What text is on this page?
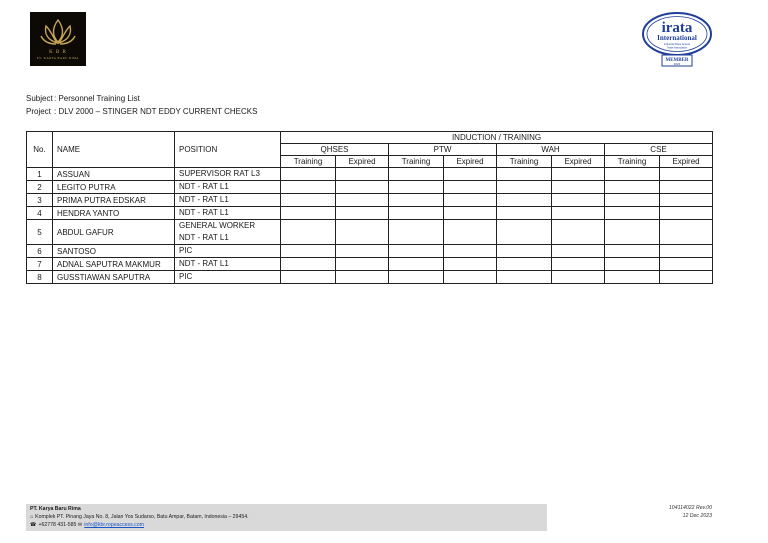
K B R
PT. KARYA BARU RIMA
irata
International
Industrial Rope Access
Trade Association
MEMBER
2023
Subject: Personnel Training List
Project : DLV 2000 – STINGER NDT EDDY CURRENT CHECKS
No.	NAME	POSITION	INDUCTION / TRAINING							
			QHSES		PTW		WAH		CSE	
			Training	Expired	Training	Expired	Training	Expired	Training	Expired
1	ASSUAN	SUPERVISOR RAT L3								

2	LEGITO PUTRA	NDT - RAT L1								

3	PRIMA PUTRA EDSKAR	NDT - RAT L1								

4	HENDRA YANTO	NDT - RAT L1								

5	ABDUL GAFUR	GENERAL WORKER
NDT - RAT L1								

6	SANTOSO	PIC								

7	ADNAL SAPUTRA MAKMUR	NDT - RAT L1								

8	GUSSTIAWAN SAPUTRA	PIC								

PT. Karya Baru Rima
⌂ Komplek PT. Pinang Jaya No. 8, Jalan Yos Sudarso, Batu Ampar, Batam, Indonesia – 29454.
☎ +62778 431-585 ✉ info@kbr.ropeaccess.com
104114022 Rev.00
12 Dec 2023
